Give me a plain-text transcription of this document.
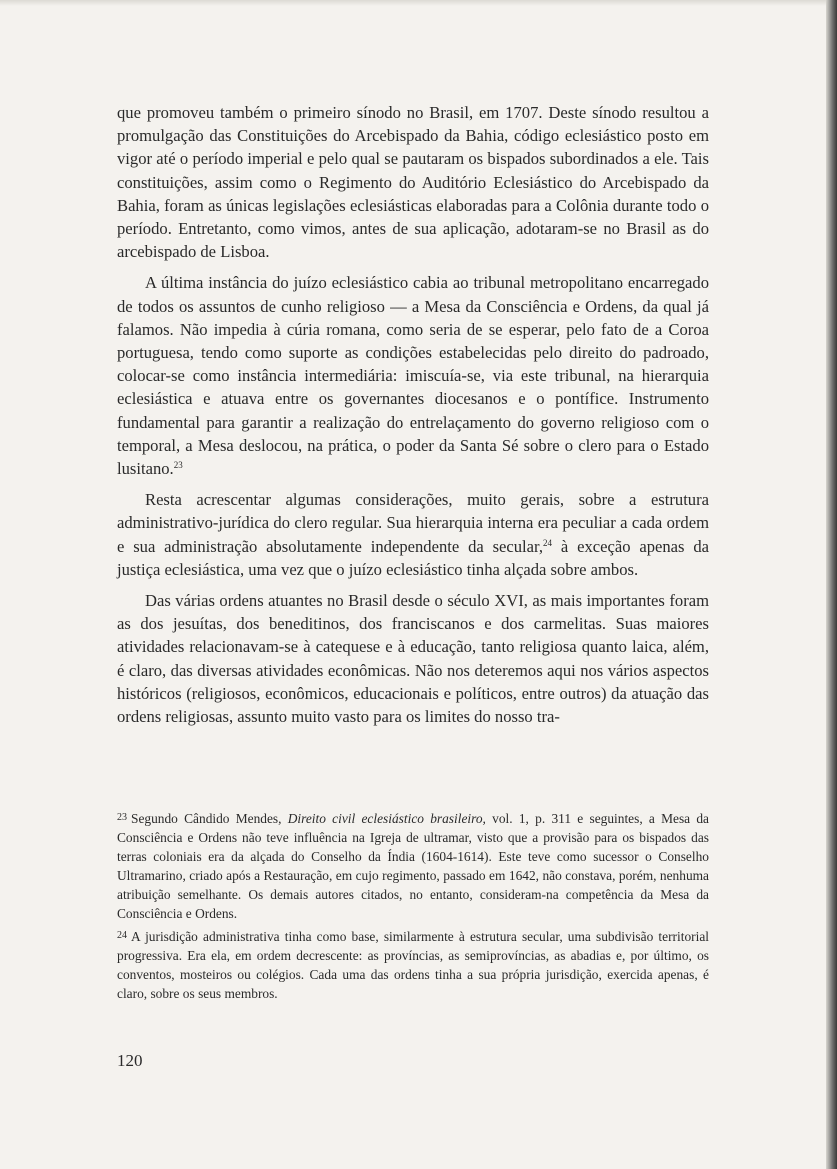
que promoveu também o primeiro sínodo no Brasil, em 1707. Deste sínodo resultou a promulgação das Constituições do Arcebispado da Bahia, código eclesiástico posto em vigor até o período imperial e pelo qual se pautaram os bispados subordinados a ele. Tais constituições, assim como o Regimento do Auditório Eclesiástico do Arcebispado da Bahia, foram as únicas legislações eclesiásticas elaboradas para a Colônia durante todo o período. Entretanto, como vimos, antes de sua aplicação, adotaram-se no Brasil as do arcebispado de Lisboa.

A última instância do juízo eclesiástico cabia ao tribunal metropolitano encarregado de todos os assuntos de cunho religioso — a Mesa da Consciência e Ordens, da qual já falamos. Não impedia à cúria romana, como seria de se esperar, pelo fato de a Coroa portuguesa, tendo como suporte as condições estabelecidas pelo direito do padroado, colocar-se como instância intermediária: imiscuía-se, via este tribunal, na hierarquia eclesiástica e atuava entre os governantes diocesanos e o pontífice. Instrumento fundamental para garantir a realização do entrelaçamento do governo religioso com o temporal, a Mesa deslocou, na prática, o poder da Santa Sé sobre o clero para o Estado lusitano.$^{23}$

Resta acrescentar algumas considerações, muito gerais, sobre a estrutura administrativo-jurídica do clero regular. Sua hierarquia interna era peculiar a cada ordem e sua administração absolutamente independente da secular,$^{24}$ à exceção apenas da justiça eclesiástica, uma vez que o juízo eclesiástico tinha alçada sobre ambos.

Das várias ordens atuantes no Brasil desde o século XVI, as mais importantes foram as dos jesuítas, dos beneditinos, dos franciscanos e dos carmelitas. Suas maiores atividades relacionavam-se à catequese e à educação, tanto religiosa quanto laica, além, é claro, das diversas atividades econômicas. Não nos deteremos aqui nos vários aspectos históricos (religiosos, econômicos, educacionais e políticos, entre outros) da atuação das ordens religiosas, assunto muito vasto para os limites do nosso tra-

$^{23}$ Segundo Cândido Mendes, Direito civil eclesiástico brasileiro, vol. 1, p. 311 e seguintes, a Mesa da Consciência e Ordens não teve influência na Igreja de ultramar, visto que a provisão para os bispados das terras coloniais era da alçada do Conselho da Índia (1604-1614). Este teve como sucessor o Conselho Ultramarino, criado após a Restauração, em cujo regimento, passado em 1642, não constava, porém, nenhuma atribuição semelhante. Os demais autores citados, no entanto, consideram-na competência da Mesa da Consciência e Ordens.

$^{24}$ A jurisdição administrativa tinha como base, similarmente à estrutura secular, uma subdivisão territorial progressiva. Era ela, em ordem decrescente: as províncias, as semiprovíncias, as abadias e, por último, os conventos, mosteiros ou colégios. Cada uma das ordens tinha a sua própria jurisdição, exercida apenas, é claro, sobre os seus membros.

120
